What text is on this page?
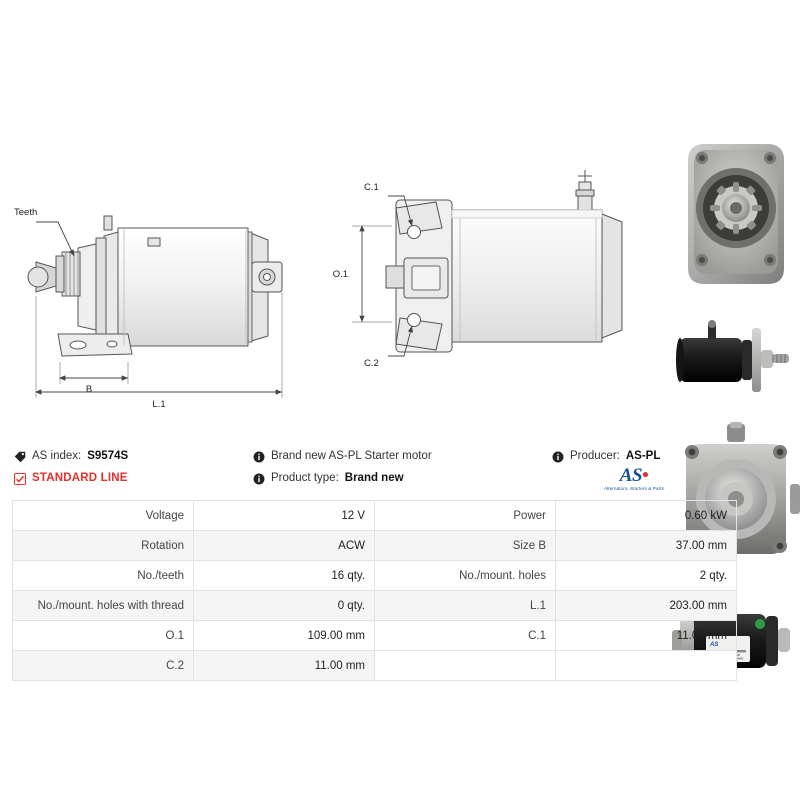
Teeth
B
L.1
C.1
C.2
O.1
AS
AS index: S9574S
STANDARD LINE
Brand new AS-PL Starter motor
Product type: Brand new
Producer: AS-PL
AS•
Alternators, Starters & Parts
Voltage	12 V	Power	0.60 kW
Rotation	ACW	Size B	37.00 mm
No./teeth	16 qty.	No./mount. holes	2 qty.
No./mount. holes with thread	0 qty.	L.1	203.00 mm
O.1	109.00 mm	C.1	11.00 mm
C.2	11.00 mm		
